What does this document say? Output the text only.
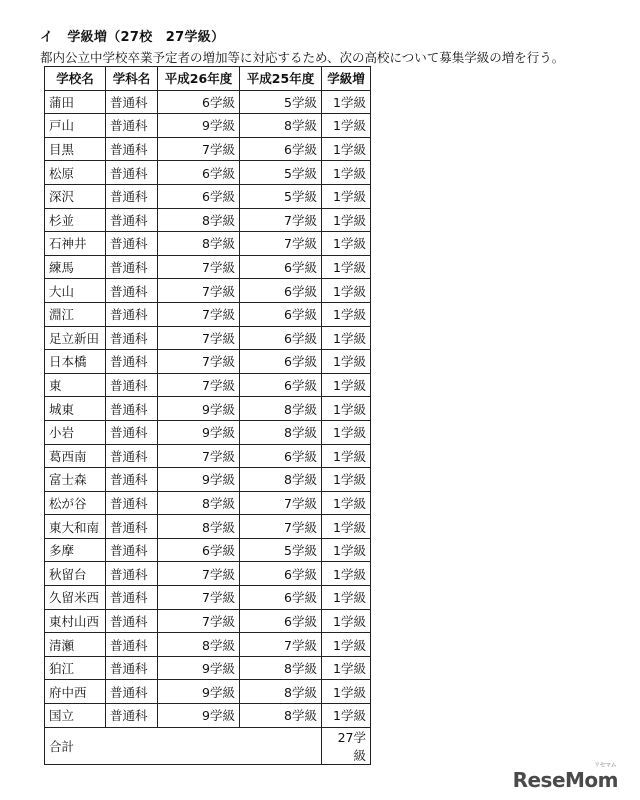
イ 学級増（27校　27学級）
都内公立中学校卒業予定者の増加等に対応するため、次の高校について募集学級の増を行う。
学校名	学科名	平成26年度	平成25年度	学級増
蒲田	普通科	6学級	5学級	1学級
戸山	普通科	9学級	8学級	1学級
目黒	普通科	7学級	6学級	1学級
松原	普通科	6学級	5学級	1学級
深沢	普通科	6学級	5学級	1学級
杉並	普通科	8学級	7学級	1学級
石神井	普通科	8学級	7学級	1学級
練馬	普通科	7学級	6学級	1学級
大山	普通科	7学級	6学級	1学級
淵江	普通科	7学級	6学級	1学級
足立新田	普通科	7学級	6学級	1学級
日本橋	普通科	7学級	6学級	1学級
東	普通科	7学級	6学級	1学級
城東	普通科	9学級	8学級	1学級
小岩	普通科	9学級	8学級	1学級
葛西南	普通科	7学級	6学級	1学級
富士森	普通科	9学級	8学級	1学級
松が谷	普通科	8学級	7学級	1学級
東大和南	普通科	8学級	7学級	1学級
多摩	普通科	6学級	5学級	1学級
秋留台	普通科	7学級	6学級	1学級
久留米西	普通科	7学級	6学級	1学級
東村山西	普通科	7学級	6学級	1学級
清瀬	普通科	8学級	7学級	1学級
狛江	普通科	9学級	8学級	1学級
府中西	普通科	9学級	8学級	1学級
国立	普通科	9学級	8学級	1学級
合計				27学級
リセマム
ReseMom
